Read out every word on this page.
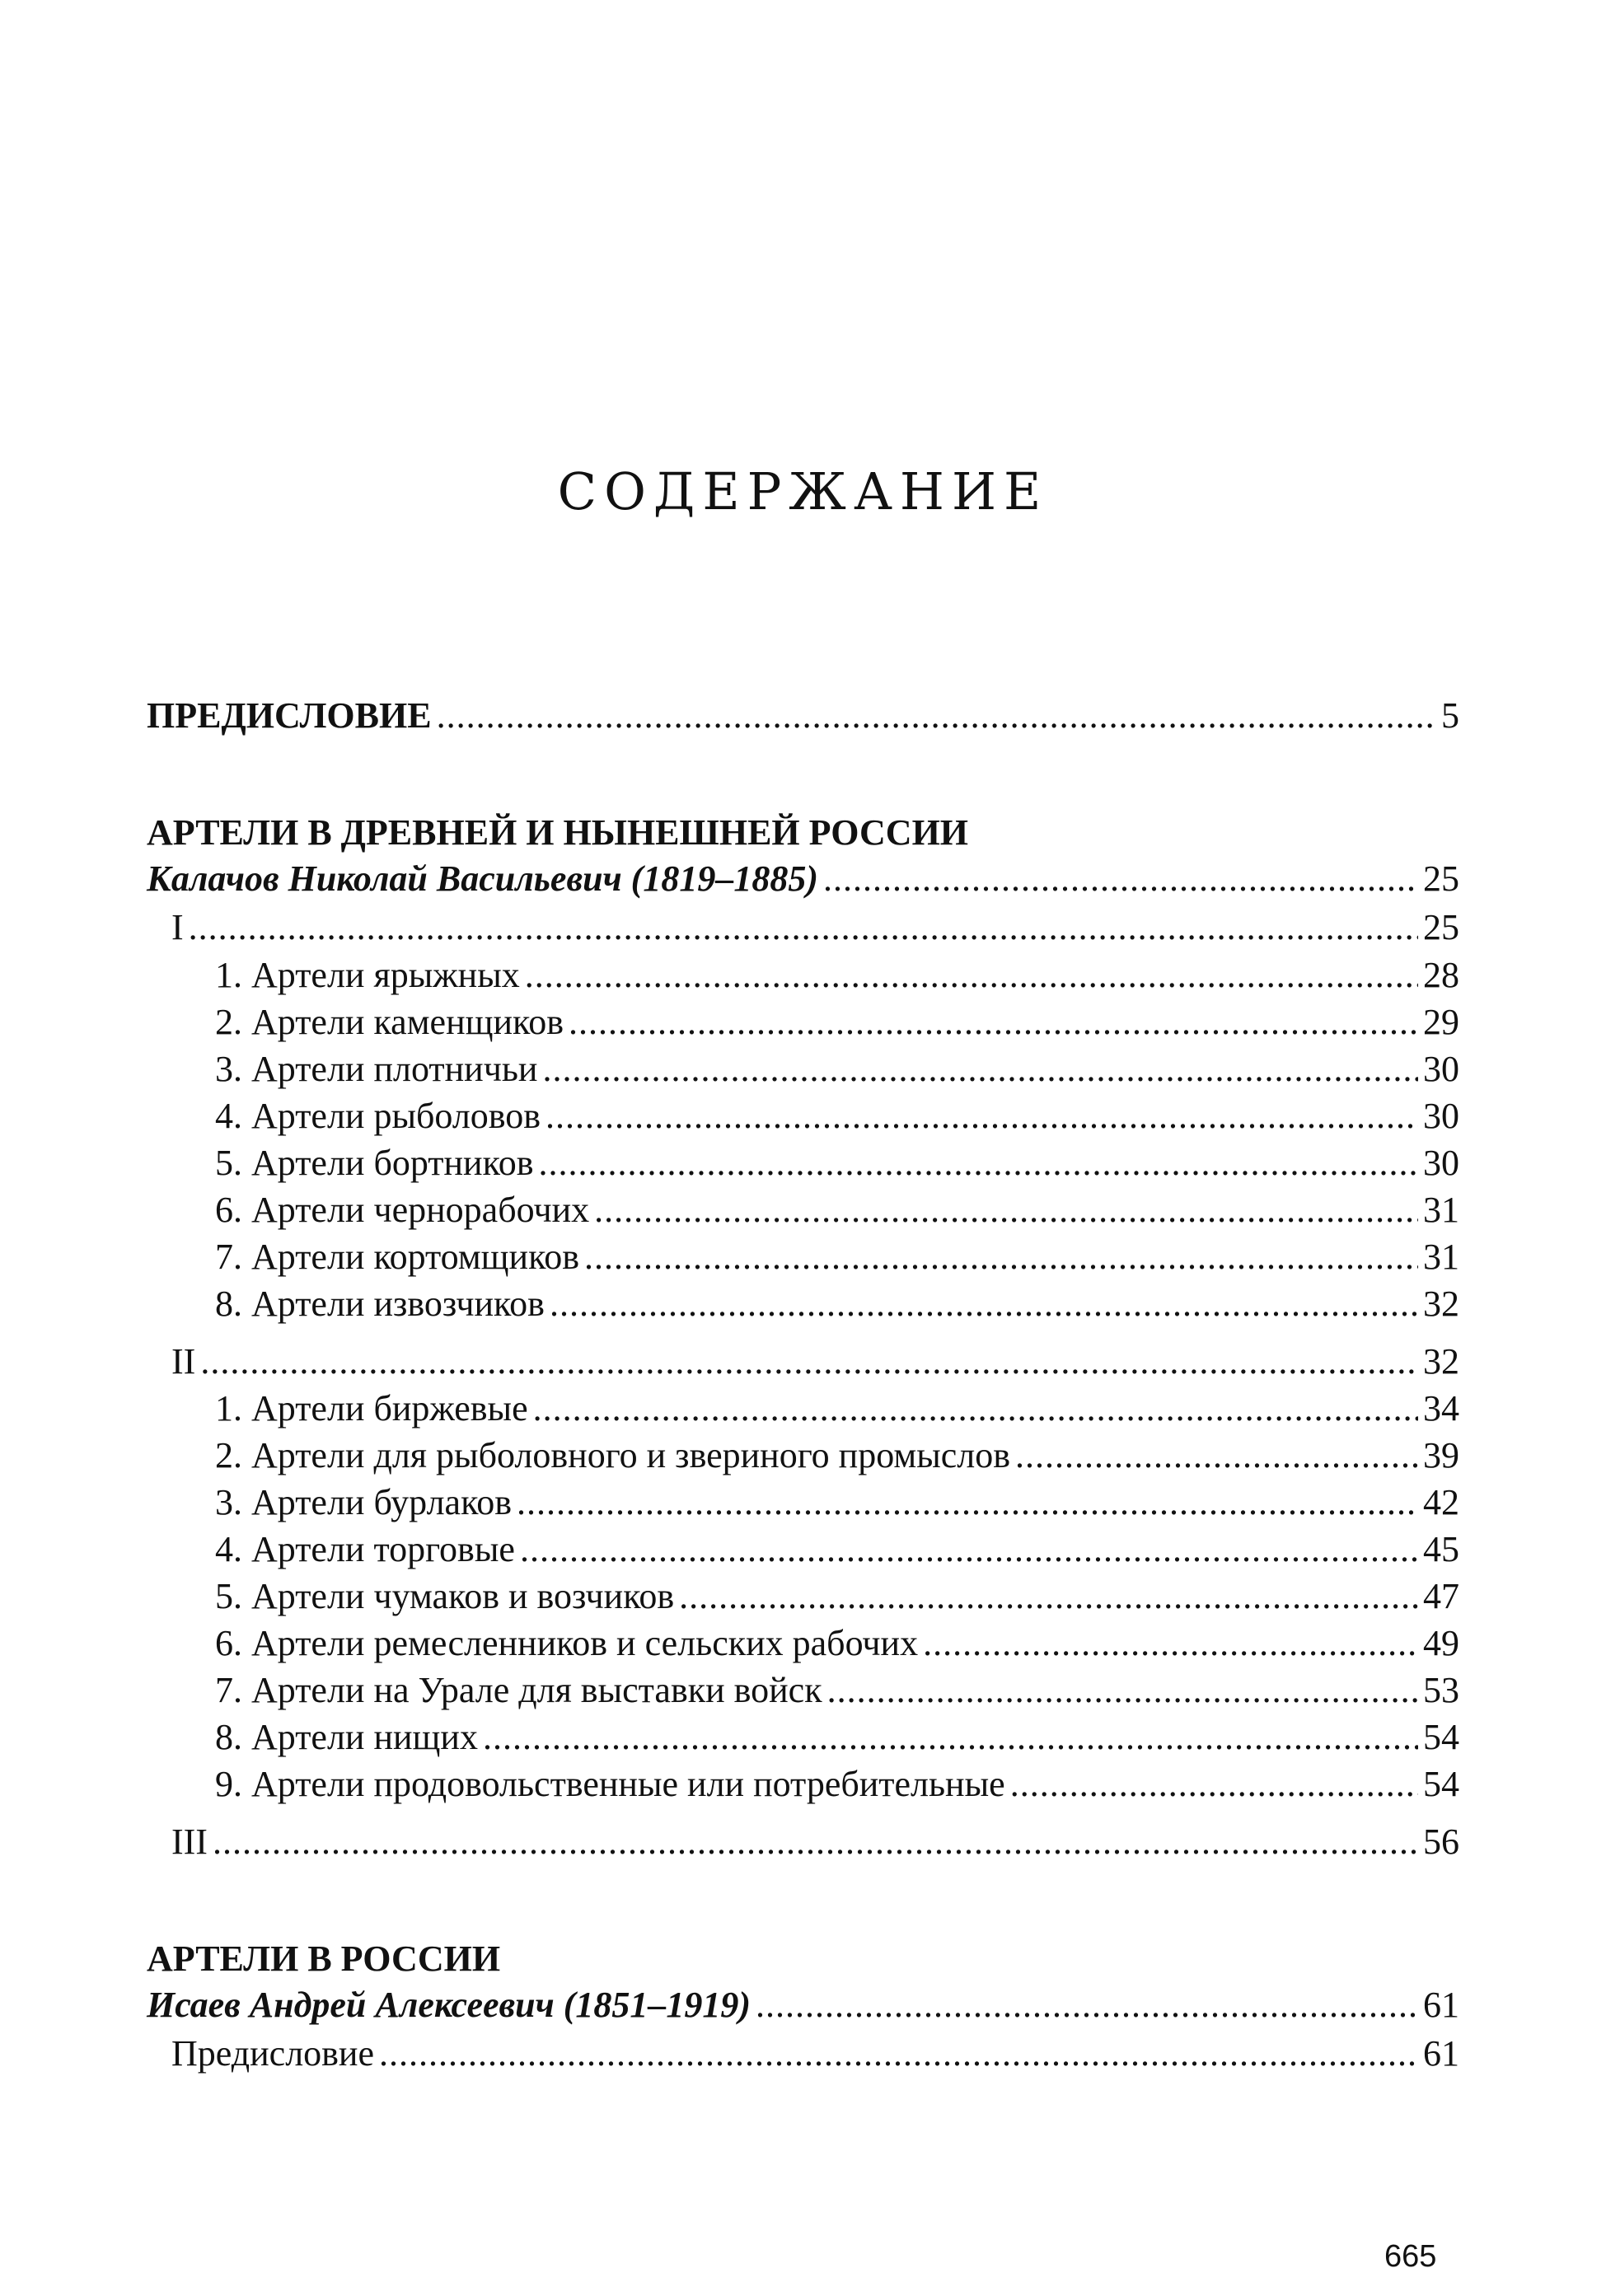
СОДЕРЖАНИЕ
ПРЕДИСЛОВИЕ . . .	5
АРТЕЛИ В ДРЕВНЕЙ И НЫНЕШНЕЙ РОССИИ
Калачов Николай Васильевич (1819–1885) . . .	25
I . . .	25
1. Артели ярыжных . . .	28
2. Артели каменщиков . . .	29
3. Артели плотничьи . . .	30
4. Артели рыболовов . . .	30
5. Артели бортников . . .	30
6. Артели чернорабочих . . .	31
7. Артели кортомщиков . . .	31
8. Артели извозчиков . . .	32
II . . .	32
1. Артели биржевые . . .	34
2. Артели для рыболовного и звериного промыслов . . .	39
3. Артели бурлаков . . .	42
4. Артели торговые . . .	45
5. Артели чумаков и возчиков . . .	47
6. Артели ремесленников и сельских рабочих . . .	49
7. Артели на Урале для выставки войск . . .	53
8. Артели нищих . . .	54
9. Артели продовольственные или потребительные . . .	54
III . . .	56
АРТЕЛИ В РОССИИ
Исаев Андрей Алексеевич (1851–1919) . . .	61
Предисловие . . .	61
665
